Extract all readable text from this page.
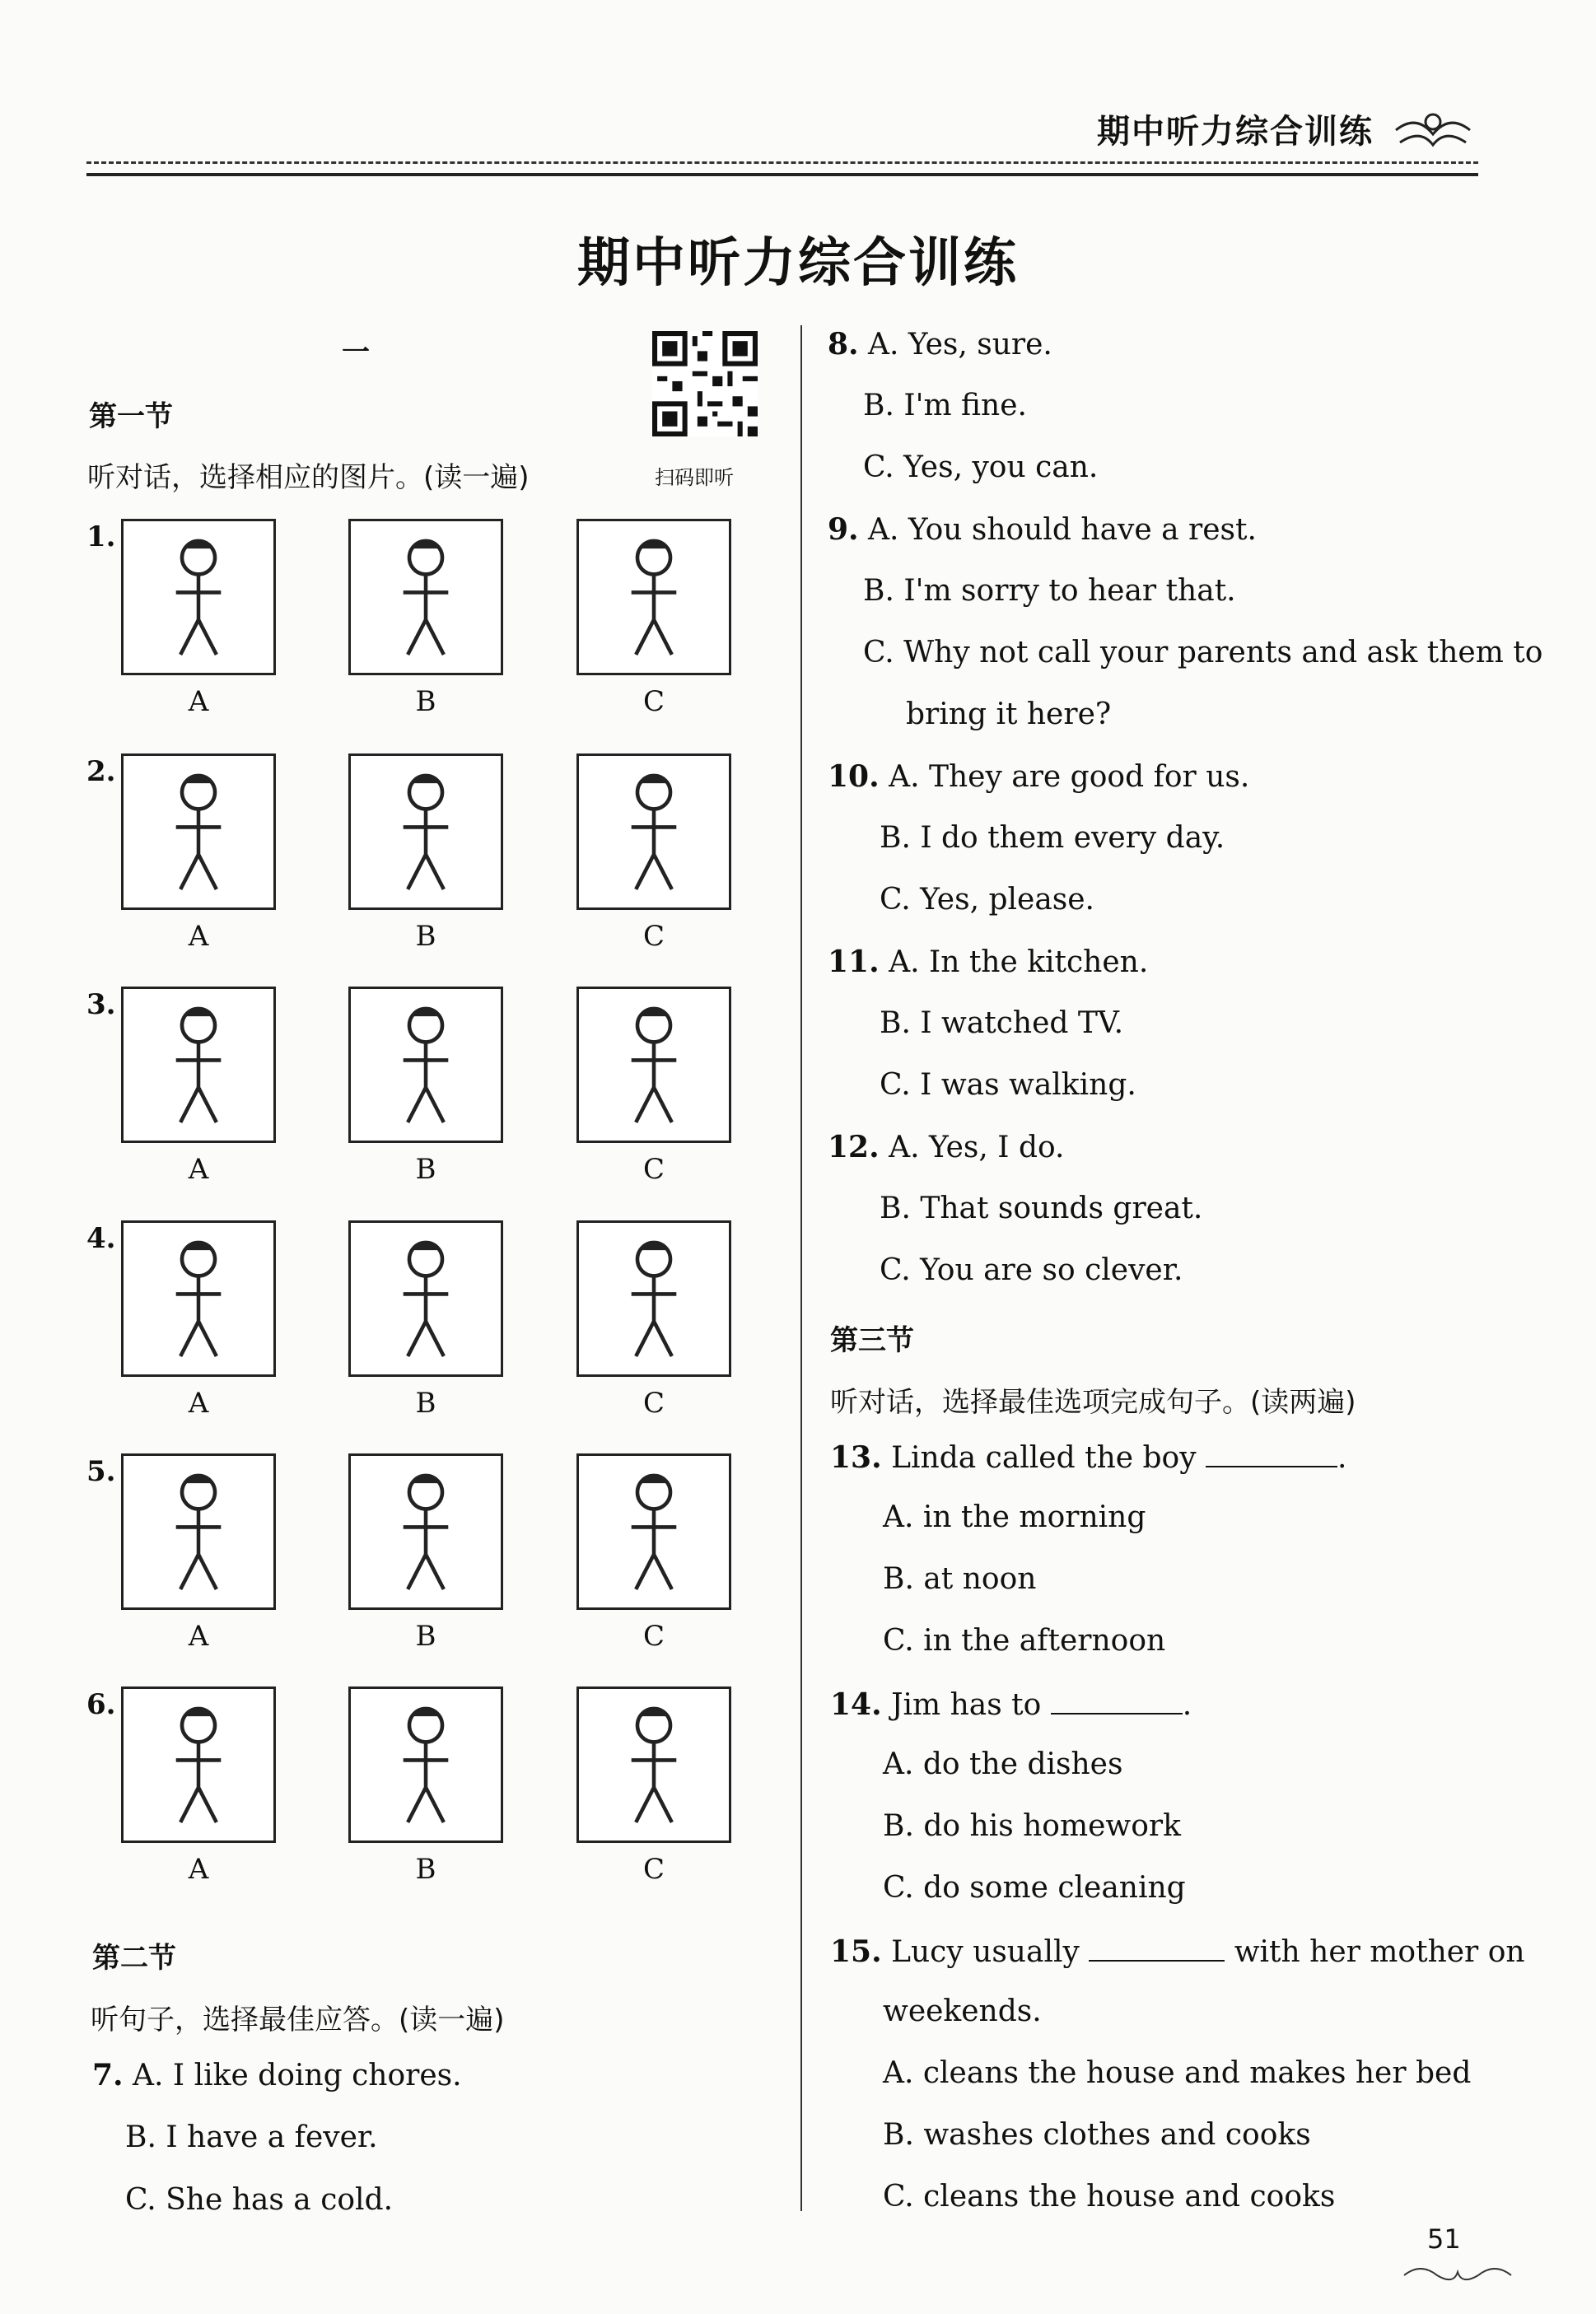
期中听力综合训练
期中听力综合训练
一
扫码即听
第一节
听对话，选择相应的图片。(读一遍)
1.
A	B	C
2.
A	B	C
3.
A	B	C
4.
A	B	C
5.
A	B	C
6.
A	B	C
第二节
听句子，选择最佳应答。(读一遍)
7. A. I like doing chores.
B. I have a fever.
C. She has a cold.
8. A. Yes, sure.
B. I'm fine.
C. Yes, you can.
9. A. You should have a rest.
B. I'm sorry to hear that.
C. Why not call your parents and ask them to
bring it here?
10. A. They are good for us.
B. I do them every day.
C. Yes, please.
11. A. In the kitchen.
B. I watched TV.
C. I was walking.
12. A. Yes, I do.
B. That sounds great.
C. You are so clever.
第三节
听对话，选择最佳选项完成句子。(读两遍)
13. Linda called the boy	.
A. in the morning
B. at noon
C. in the afternoon
14. Jim has to	.
A. do the dishes
B. do his homework
C. do some cleaning
15. Lucy usually	with her mother on
weekends.
A. cleans the house and makes her bed
B. washes clothes and cooks
C. cleans the house and cooks
51
